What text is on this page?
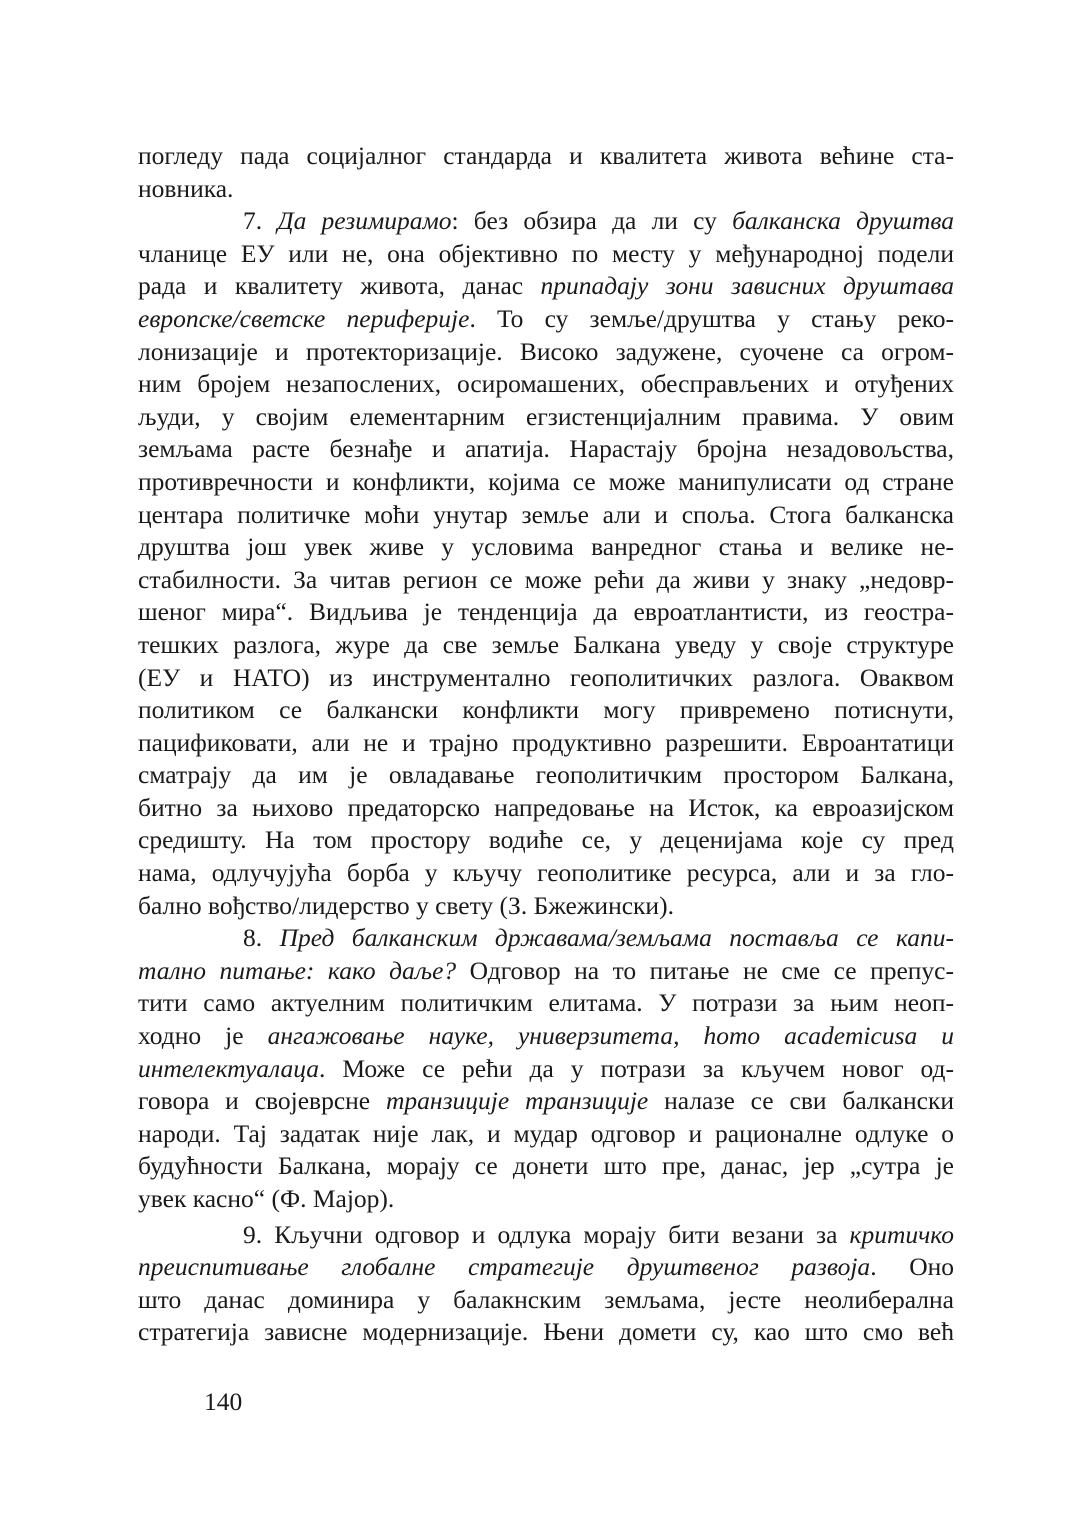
погледу пада социјалног стандарда и квалитета живота већине ста-
новника.
7. Да резимирамо: без обзира да ли су балканска друштва
чланице ЕУ или не, она објективно по месту у међународној подели
рада и квалитету живота, данас припадају зони зависних друштава
европске/светске периферије. То су земље/друштва у стању реко-
лонизације и протекторизације. Високо задужене, суочене са огром-
ним бројем незапослених, осиромашених, обесправљених и отуђених
људи, у својим елементарним егзистенцијалним правима. У овим
земљама расте безнађе и апатија. Нарастају бројна незадовољства,
противречности и конфликти, којима се може манипулисати од стране
центара политичке моћи унутар земље али и споља. Стога балканска
друштва још увек живе у условима ванредног стања и велике не-
стабилности. За читав регион се може рећи да живи у знаку „недовр-
шеног мира“. Видљива је тенденција да евроатлантисти, из геостра-
тешких разлога, журе да све земље Балкана уведу у своје структуре
(ЕУ и НАТО) из инструментално геополитичких разлога. Оваквом
политиком се балкански конфликти могу привремено потиснути,
пацификовати, али не и трајно продуктивно разрешити. Евроантатици
сматрају да им је овладавање геополитичким простором Балкана,
битно за њихово предаторско напредовање на Исток, ка евроазијском
средишту. На том простору водиће се, у деценијама које су пред
нама, одлучујућа борба у кључу геополитике ресурса, али и за гло-
бално вођство/лидерство у свету (З. Бжежински).
8. Пред балканским државама/земљама поставља се капи-
тално питање: како даље? Одговор на то питање не сме се препус-
тити само актуелним политичким елитама. У потрази за њим неоп-
ходно је ангажовање науке, универзитета, homo academicusa и
интелектуалаца. Може се рећи да у потрази за кључем новог од-
говора и својеврсне транзиције транзиције налазе се сви балкански
народи. Тај задатак није лак, и мудар одговор и рационалне одлуке о
будућности Балкана, морају се донети што пре, данас, јер „сутра је
увек касно“ (Ф. Мајор).
9. Кључни одговор и одлука морају бити везани за критичко
преиспитивање глобалне стратегије друштвеног развоја. Оно
што данас доминира у балакнским земљама, јесте неолиберална
стратегија зависне модернизације. Њени домети су, као што смо већ
140
